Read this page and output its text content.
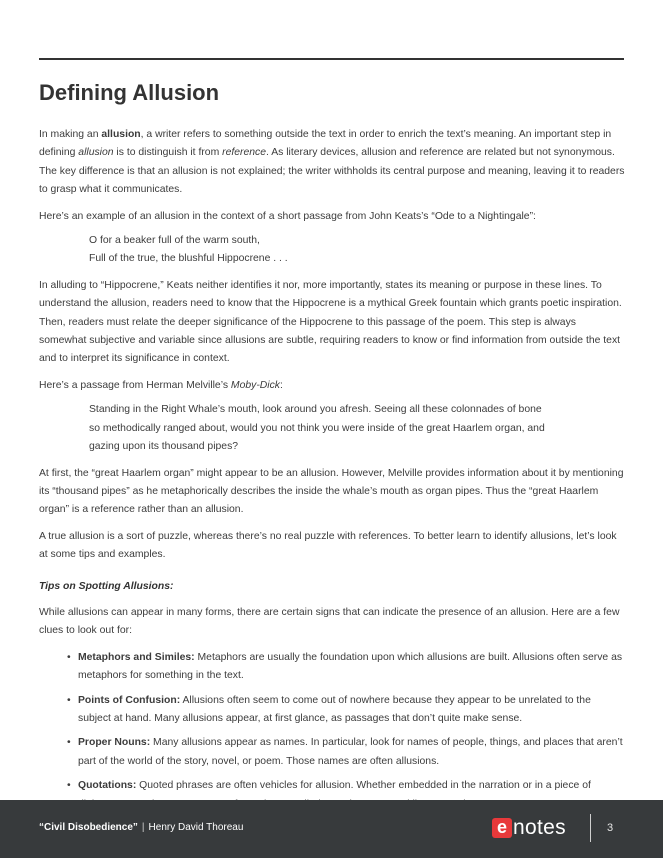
Defining Allusion

In making an allusion, a writer refers to something outside the text in order to enrich the text’s meaning. An important step in defining allusion is to distinguish it from reference. As literary devices, allusion and reference are related but not synonymous. The key difference is that an allusion is not explained; the writer withholds its central purpose and meaning, leaving it to readers to grasp what it communicates.

Here’s an example of an allusion in the context of a short passage from John Keats’s “Ode to a Nightingale”:

O for a beaker full of the warm south,
Full of the true, the blushful Hippocrene . . .

In alluding to “Hippocrene,” Keats neither identifies it nor, more importantly, states its meaning or purpose in these lines. To understand the allusion, readers need to know that the Hippocrene is a mythical Greek fountain which grants poetic inspiration. Then, readers must relate the deeper significance of the Hippocrene to this passage of the poem. This step is always somewhat subjective and variable since allusions are subtle, requiring readers to know or find information from outside the text and to interpret its significance in context.

Here’s a passage from Herman Melville’s Moby-Dick:

Standing in the Right Whale’s mouth, look around you afresh. Seeing all these colonnades of bone
so methodically ranged about, would you not think you were inside of the great Haarlem organ, and
gazing upon its thousand pipes?

At first, the “great Haarlem organ” might appear to be an allusion. However, Melville provides information about it by mentioning its “thousand pipes” as he metaphorically describes the inside the whale’s mouth as organ pipes. Thus the “great Haarlem organ” is a reference rather than an allusion.

A true allusion is a sort of puzzle, whereas there’s no real puzzle with references. To better learn to identify allusions, let’s look at some tips and examples.

Tips on Spotting Allusions:

While allusions can appear in many forms, there are certain signs that can indicate the presence of an allusion. Here are a few clues to look out for:

• Metaphors and Similes: Metaphors are usually the foundation upon which allusions are built. Allusions often serve as metaphors for something in the text.
• Points of Confusion: Allusions often seem to come out of nowhere because they appear to be unrelated to the subject at hand. Many allusions appear, at first glance, as passages that don’t quite make sense.
• Proper Nouns: Many allusions appear as names. In particular, look for names of people, things, and places that aren’t part of the world of the story, novel, or poem. Those names are often allusions.
• Quotations: Quoted phrases are often vehicles for allusion. Whether embedded in the narration or in a piece of
“Civil Disobedience” | Henry David Thoreau	e notes	3
